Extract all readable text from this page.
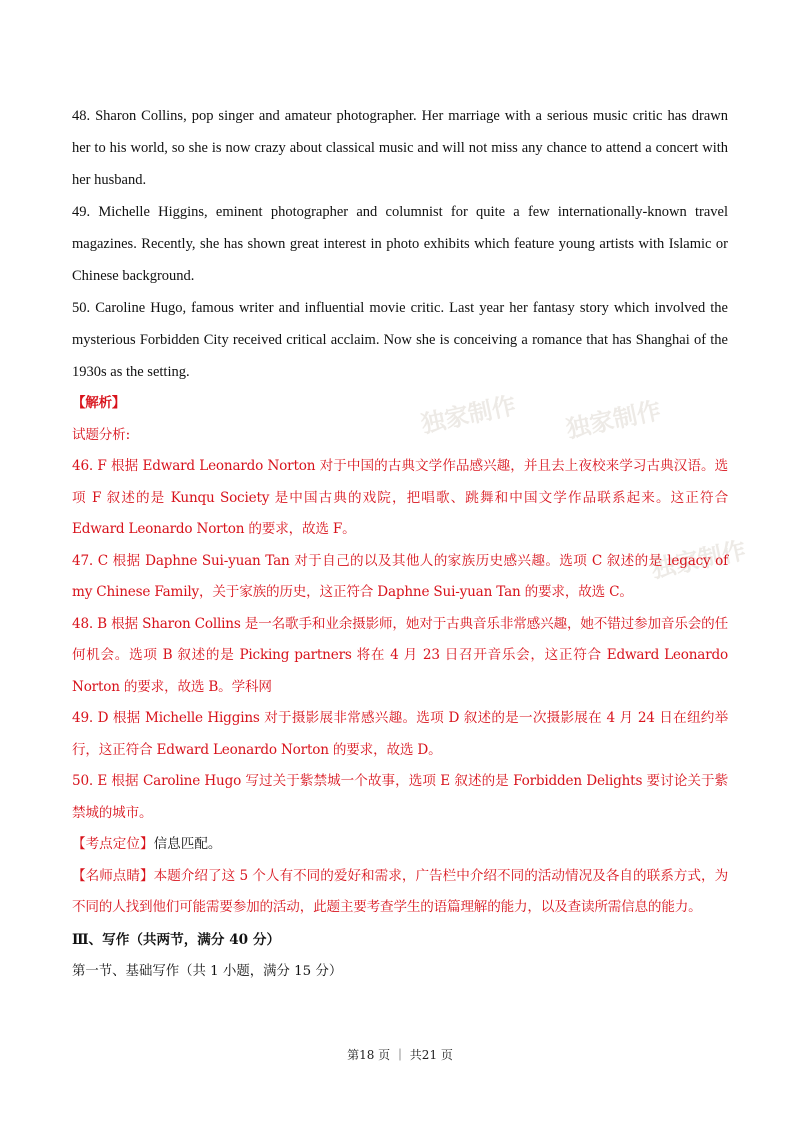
独家制作 独家制作
独家制作

48. Sharon Collins, pop singer and amateur photographer. Her marriage with a serious music critic has drawn her to his world, so she is now crazy about classical music and will not miss any chance to attend a concert with her husband.

49. Michelle Higgins, eminent photographer and columnist for quite a few internationally-known travel magazines. Recently, she has shown great interest in photo exhibits which feature young artists with Islamic or Chinese background.

50. Caroline Hugo, famous writer and influential movie critic. Last year her fantasy story which involved the mysterious Forbidden City received critical acclaim. Now she is conceiving a romance that has Shanghai of the 1930s as the setting.

【解析】

试题分析:

46. F 根据 Edward Leonardo Norton 对于中国的古典文学作品感兴趣，并且去上夜校来学习古典汉语。选项 F 叙述的是 Kunqu Society 是中国古典的戏院，把唱歌、跳舞和中国文学作品联系起来。这正符合 Edward Leonardo Norton 的要求，故选 F。

47. C 根据 Daphne Sui-yuan Tan 对于自己的以及其他人的家族历史感兴趣。选项 C 叙述的是 legacy of my Chinese Family，关于家族的历史，这正符合 Daphne Sui-yuan Tan 的要求，故选 C。

48. B 根据 Sharon Collins 是一名歌手和业余摄影师，她对于古典音乐非常感兴趣，她不错过参加音乐会的任何机会。选项 B 叙述的是 Picking partners 将在 4 月 23 日召开音乐会，这正符合 Edward Leonardo Norton 的要求，故选 B。学科网

49. D 根据 Michelle Higgins 对于摄影展非常感兴趣。选项 D 叙述的是一次摄影展在 4 月 24 日在纽约举行，这正符合 Edward Leonardo Norton 的要求，故选 D。

50. E 根据 Caroline Hugo 写过关于紫禁城一个故事，选项 E 叙述的是 Forbidden Delights 要讨论关于紫禁城的城市。

【考点定位】信息匹配。

【名师点睛】本题介绍了这 5 个人有不同的爱好和需求，广告栏中介绍不同的活动情况及各自的联系方式，为不同的人找到他们可能需要参加的活动，此题主要考查学生的语篇理解的能力，以及查读所需信息的能力。

Ⅲ、写作（共两节，满分 40 分）

第一节、基础写作（共 1 小题，满分 15 分）

第18 页 ｜ 共21 页
